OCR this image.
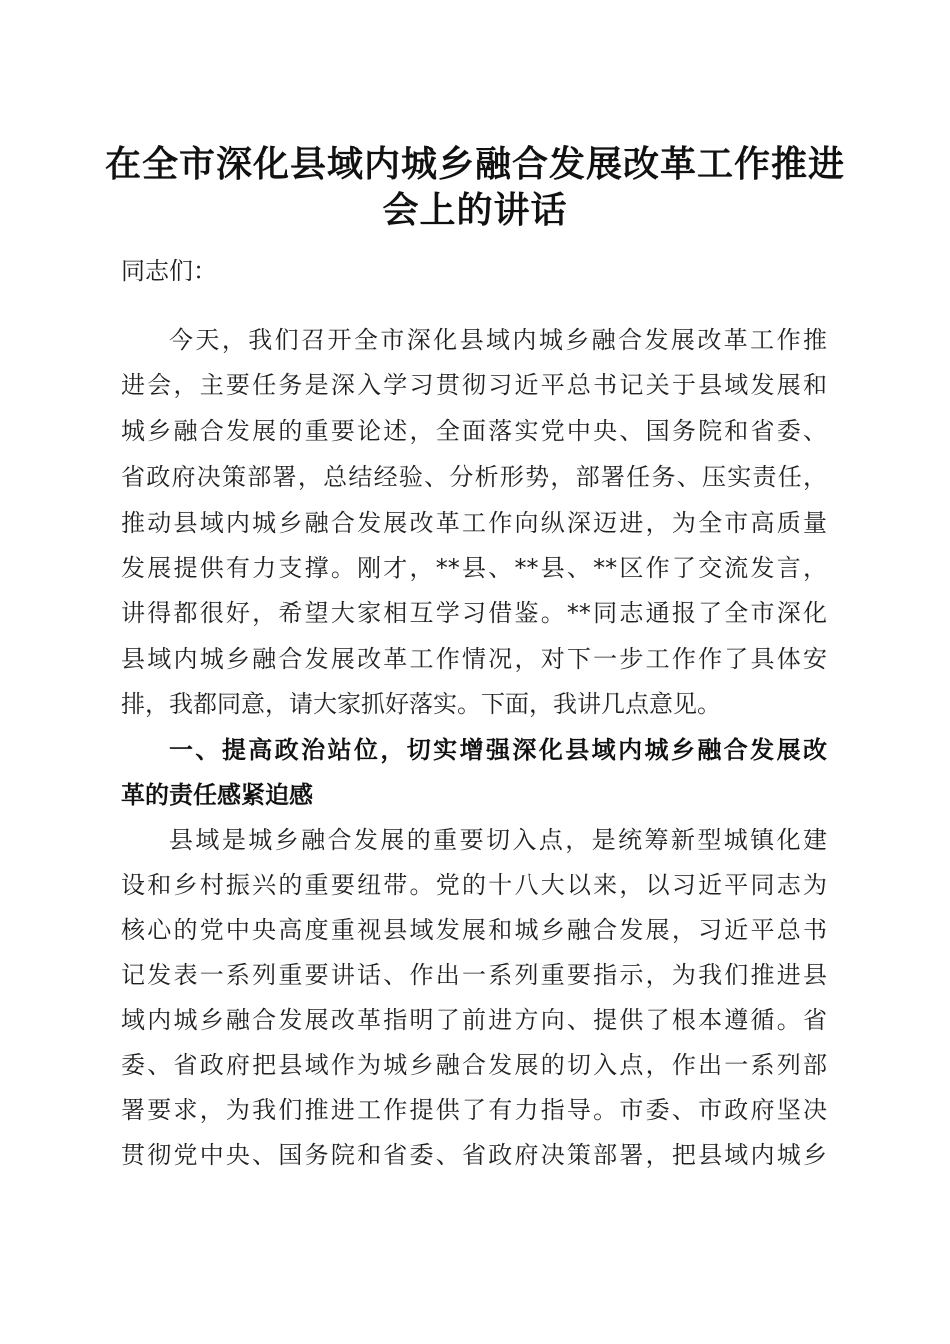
在全市深化县域内城乡融合发展改革工作推进
会上的讲话
同志们：
今天，我们召开全市深化县域内城乡融合发展改革工作推
进会，主要任务是深入学习贯彻习近平总书记关于县域发展和
城乡融合发展的重要论述，全面落实党中央、国务院和省委、
省政府决策部署，总结经验、分析形势，部署任务、压实责任，
推动县域内城乡融合发展改革工作向纵深迈进，为全市高质量
发展提供有力支撑。刚才，**县、**县、**区作了交流发言，
讲得都很好，希望大家相互学习借鉴。**同志通报了全市深化
县域内城乡融合发展改革工作情况，对下一步工作作了具体安
排，我都同意，请大家抓好落实。下面，我讲几点意见。
一、提高政治站位，切实增强深化县域内城乡融合发展改
革的责任感紧迫感
县域是城乡融合发展的重要切入点，是统筹新型城镇化建
设和乡村振兴的重要纽带。党的十八大以来，以习近平同志为
核心的党中央高度重视县域发展和城乡融合发展，习近平总书
记发表一系列重要讲话、作出一系列重要指示，为我们推进县
域内城乡融合发展改革指明了前进方向、提供了根本遵循。省
委、省政府把县域作为城乡融合发展的切入点，作出一系列部
署要求，为我们推进工作提供了有力指导。市委、市政府坚决
贯彻党中央、国务院和省委、省政府决策部署，把县域内城乡
